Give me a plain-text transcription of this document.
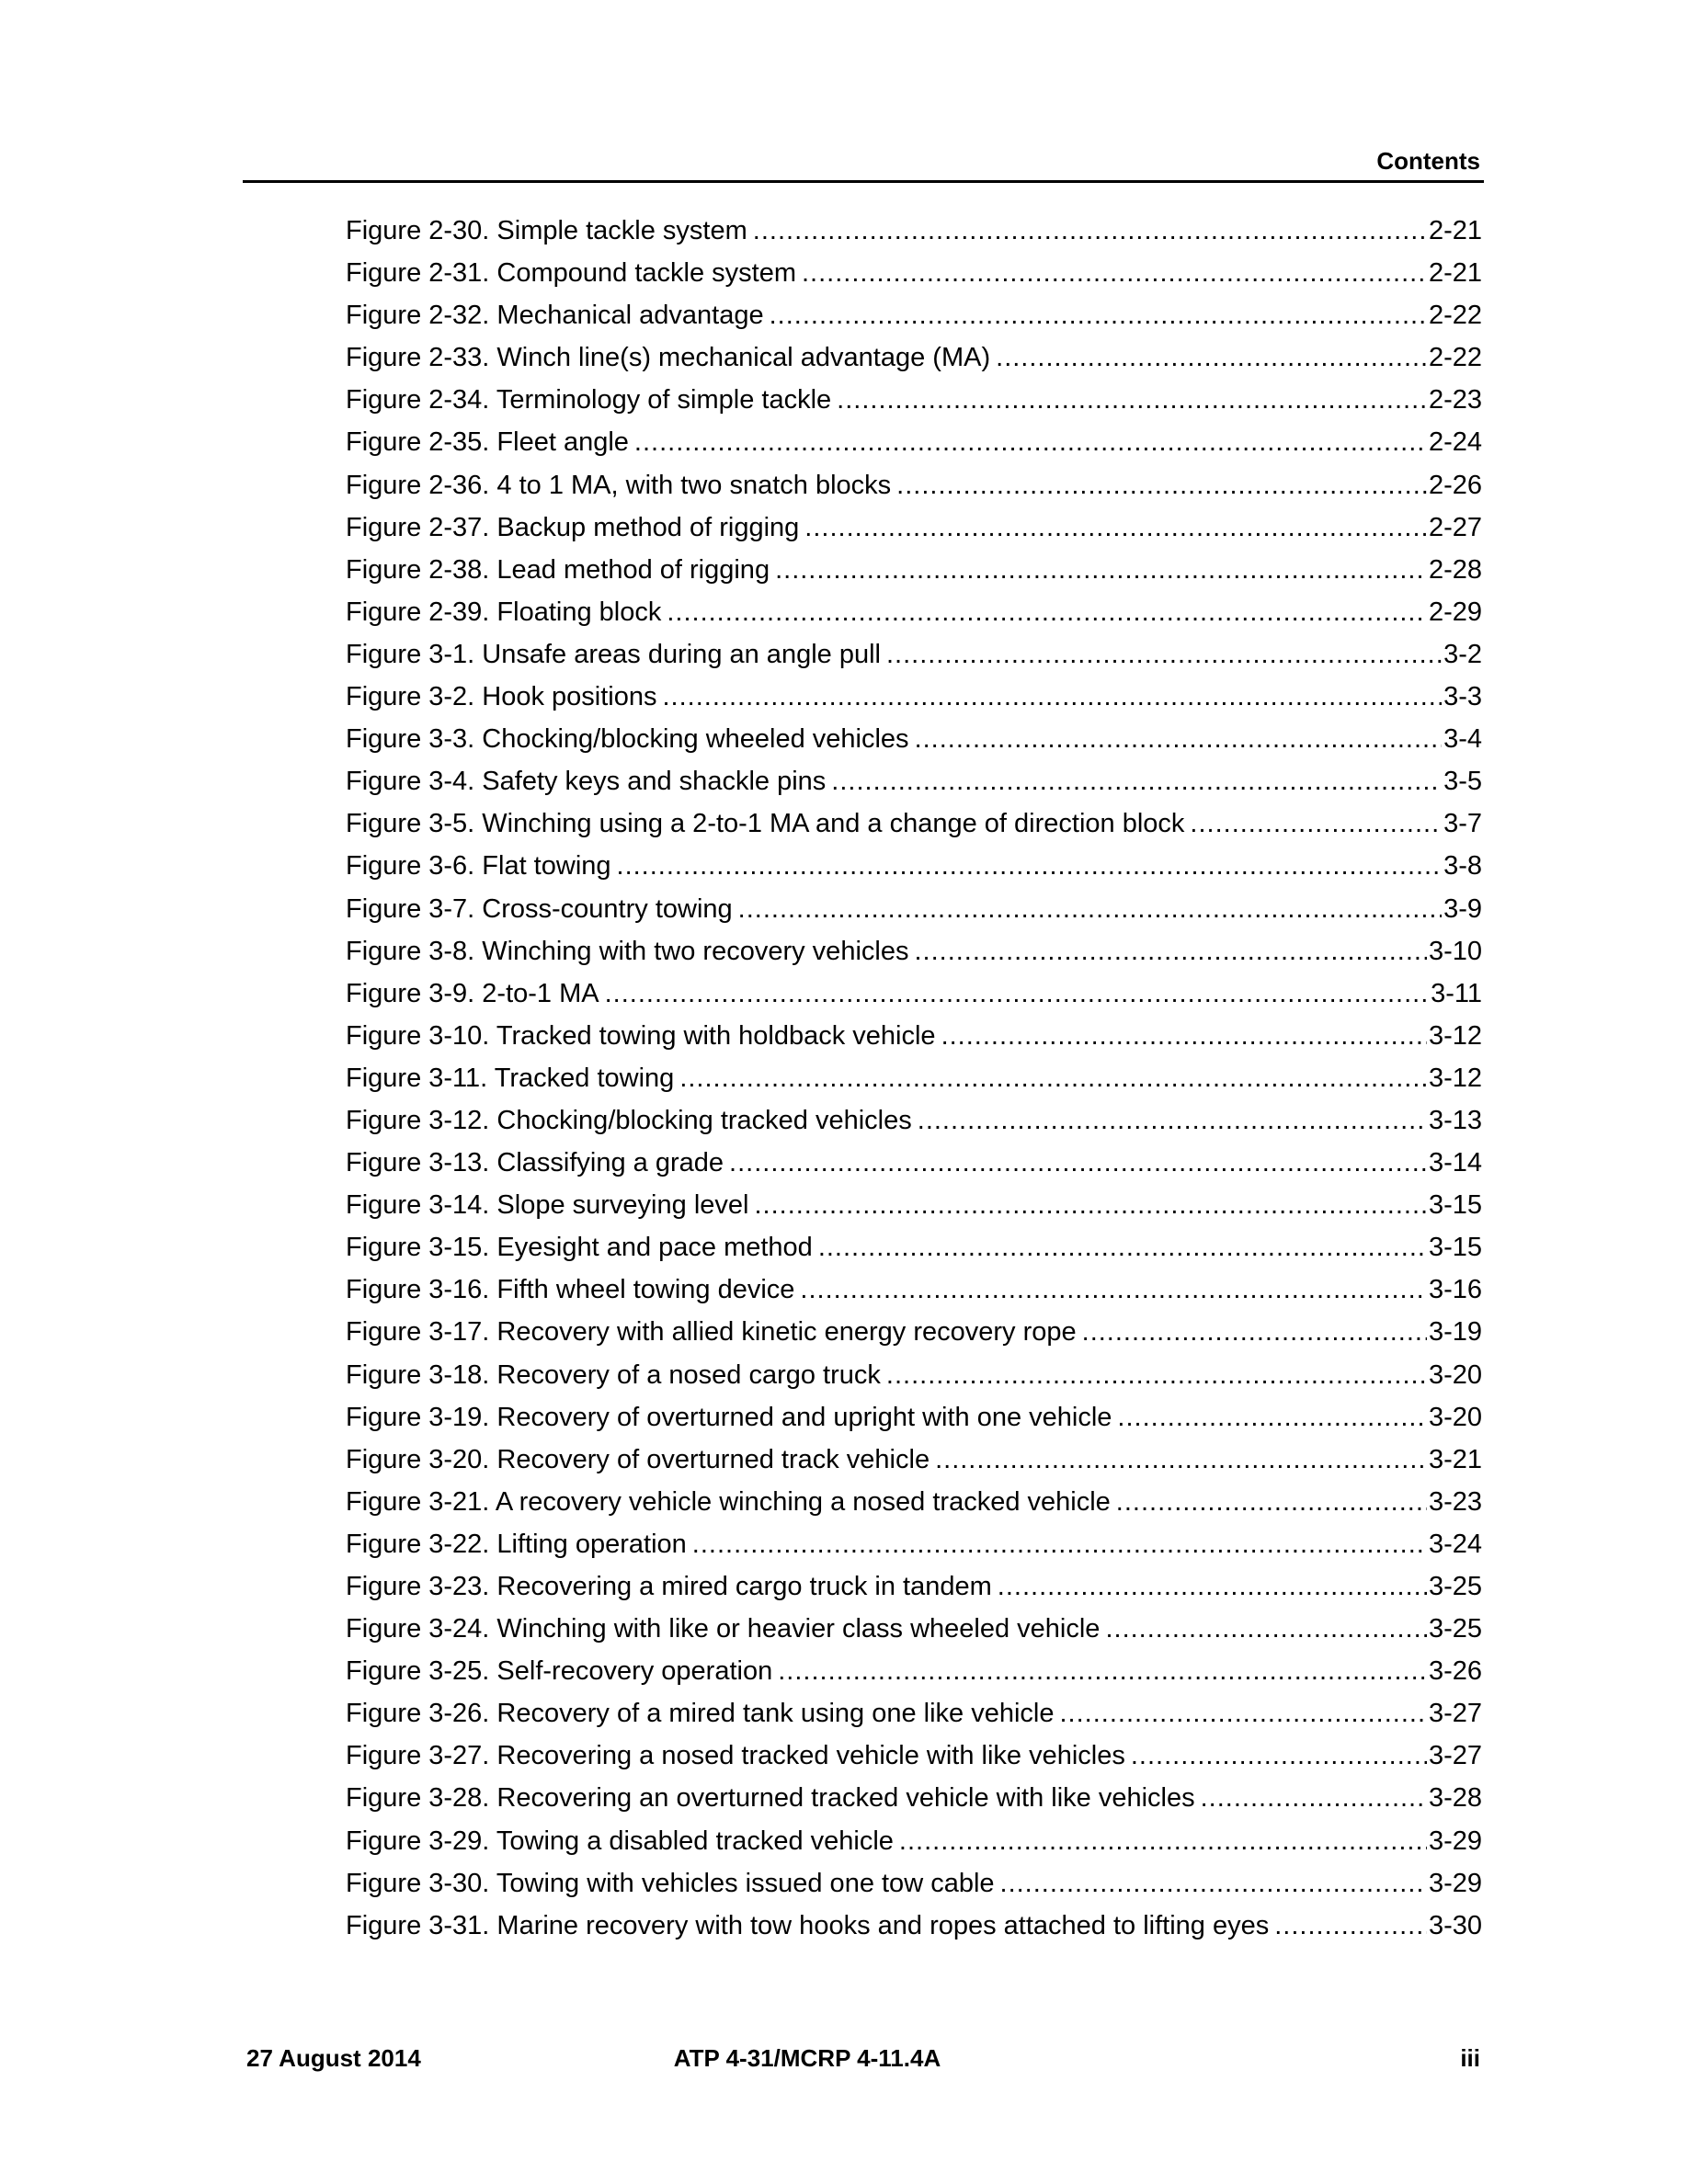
Contents
Figure 2-30. Simple tackle system .....	2-21
Figure 2-31. Compound tackle system .....	2-21
Figure 2-32. Mechanical advantage .....	2-22
Figure 2-33. Winch line(s) mechanical advantage (MA) .....	2-22
Figure 2-34. Terminology of simple tackle .....	2-23
Figure 2-35. Fleet angle .....	2-24
Figure 2-36. 4 to 1 MA, with two snatch blocks .....	2-26
Figure 2-37. Backup method of rigging .....	2-27
Figure 2-38. Lead method of rigging .....	2-28
Figure 2-39. Floating block .....	2-29
Figure 3-1. Unsafe areas during an angle pull .....	3-2
Figure 3-2. Hook positions .....	3-3
Figure 3-3. Chocking/blocking wheeled vehicles .....	3-4
Figure 3-4. Safety keys and shackle pins .....	3-5
Figure 3-5. Winching using a 2-to-1 MA and a change of direction block .....	3-7
Figure 3-6. Flat towing .....	3-8
Figure 3-7. Cross-country towing .....	3-9
Figure 3-8. Winching with two recovery vehicles .....	3-10
Figure 3-9. 2-to-1 MA .....	3-11
Figure 3-10. Tracked towing with holdback vehicle .....	3-12
Figure 3-11. Tracked towing .....	3-12
Figure 3-12. Chocking/blocking tracked vehicles .....	3-13
Figure 3-13. Classifying a grade .....	3-14
Figure 3-14. Slope surveying level .....	3-15
Figure 3-15. Eyesight and pace method .....	3-15
Figure 3-16. Fifth wheel towing device .....	3-16
Figure 3-17. Recovery with allied kinetic energy recovery rope .....	3-19
Figure 3-18. Recovery of a nosed cargo truck .....	3-20
Figure 3-19. Recovery of overturned and upright with one vehicle .....	3-20
Figure 3-20. Recovery of overturned track vehicle .....	3-21
Figure 3-21. A recovery vehicle winching a nosed tracked vehicle .....	3-23
Figure 3-22. Lifting operation .....	3-24
Figure 3-23. Recovering a mired cargo truck in tandem .....	3-25
Figure 3-24. Winching with like or heavier class wheeled vehicle .....	3-25
Figure 3-25. Self-recovery operation .....	3-26
Figure 3-26. Recovery of a mired tank using one like vehicle .....	3-27
Figure 3-27. Recovering a nosed tracked vehicle with like vehicles .....	3-27
Figure 3-28. Recovering an overturned tracked vehicle with like vehicles .....	3-28
Figure 3-29. Towing a disabled tracked vehicle .....	3-29
Figure 3-30. Towing with vehicles issued one tow cable .....	3-29
Figure 3-31. Marine recovery with tow hooks and ropes attached to lifting eyes .....	3-30
27 August 2014	ATP 4-31/MCRP 4-11.4A	iii
